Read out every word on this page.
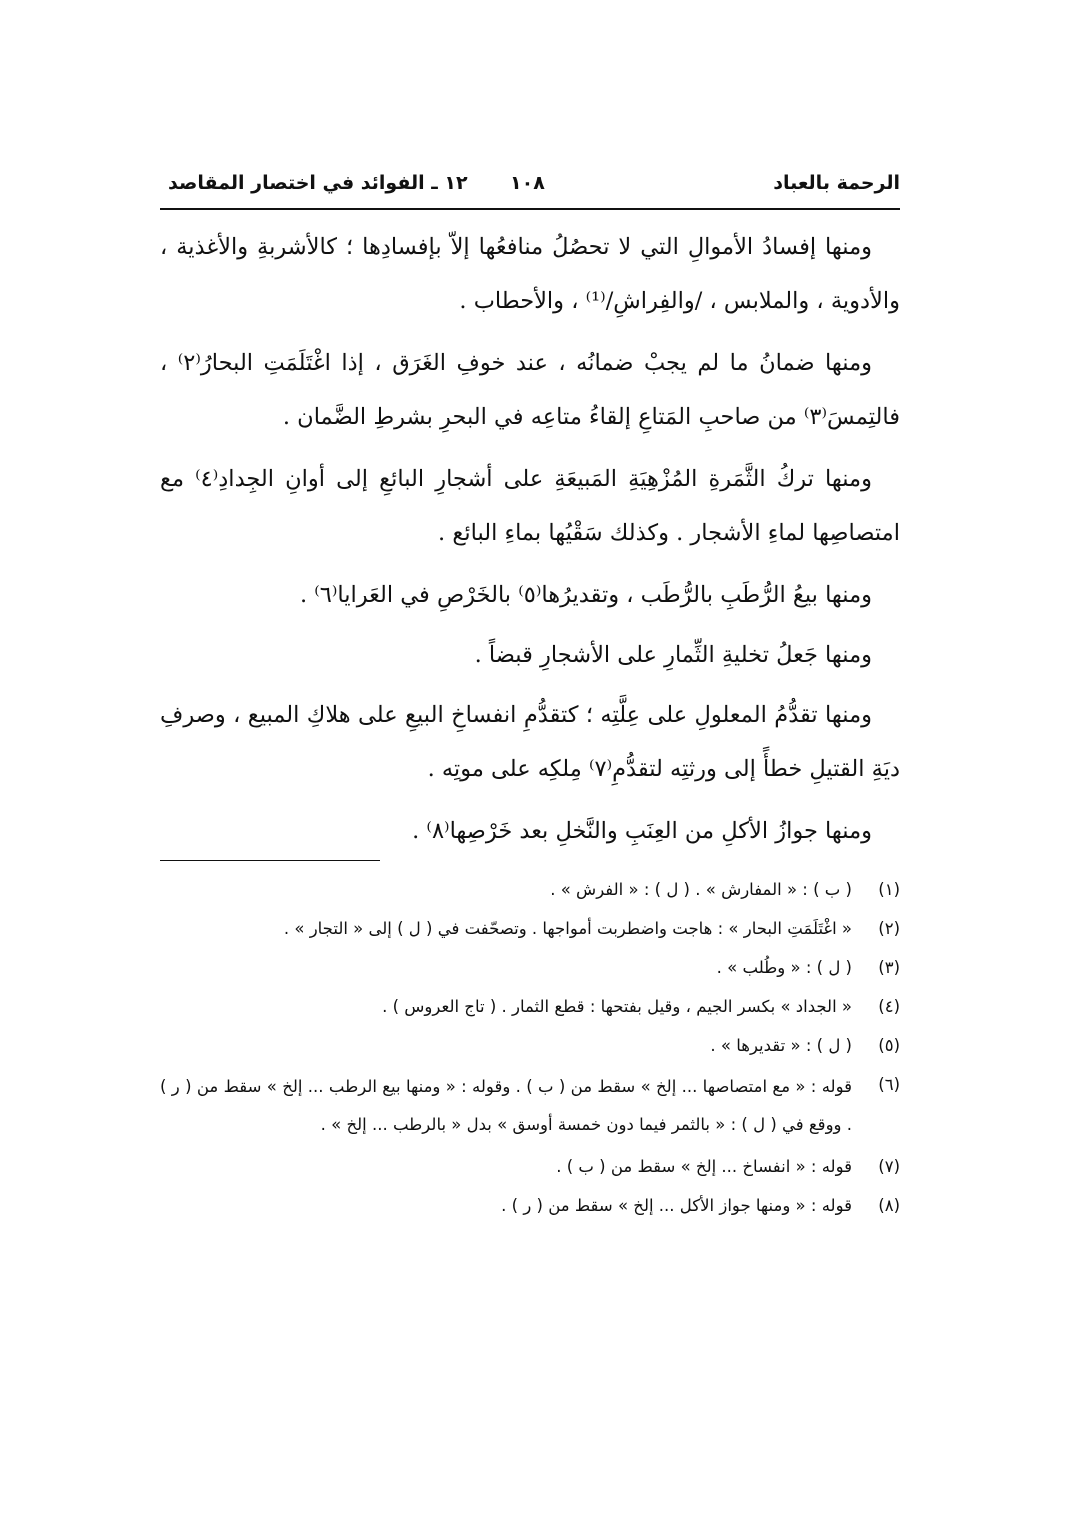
الرحمة بالعباد
١٠٨
١٢ ـ الفوائد في اختصار المقاصد

ومنها إفسادُ الأموالِ التي لا تحصُلُ منافعُها إلاّ بإفسادِها ؛ كالأشربةِ والأغذية ، والأدوية ، والملابس ، /والفِراشِ/⁽¹⁾ ، والأحطاب .

ومنها ضمانُ ما لم يجبْ ضمانُه ، عند خوفِ الغَرَق ، إذا اغْتَلَمَتِ البحارُ⁽٢⁾ ، فالتِمسَ⁽٣⁾ من صاحبِ المَتاعِ إلقاءُ متاعِه في البحرِ بشرطِ الضَّمان .

ومنها تركُ الثَّمَرةِ المُزْهِيَةِ المَبيعَةِ على أشجارِ البائعِ إلى أوانِ الجِدادِ⁽٤⁾ مع امتصاصِها لماءِ الأشجار . وكذلك سَقْيُها بماءِ البائع .

ومنها بيعُ الرُّطَبِ بالرُّطَب ، وتقديرُها⁽٥⁾ بالخَرْصِ في العَرايا⁽٦⁾ .

ومنها جَعلُ تخليةِ الثِّمارِ على الأشجارِ قبضاً .

ومنها تقدُّمُ المعلولِ على عِلَّتِه ؛ كتقدُّمِ انفساخِ البيعِ على هلاكِ المبيع ، وصرفِ ديَةِ القتيلِ خطأً إلى ورثتِه لتقدُّمِ⁽٧⁾ مِلكِه على موتِه .

ومنها جوازُ الأكلِ من العِنَبِ والنَّخلِ بعد خَرْصِها⁽٨⁾ .

(١)
( ب ) : « المفارش » . ( ل ) : « الفرش » .
(٢)
« اغْتَلَمَتِ البحار » : هاجت واضطربت أمواجها . وتصحّفت في ( ل ) إلى « التجار » .
(٣)
( ل ) : « وطُلب » .
(٤)
« الجداد » بكسر الجيم ، وقيل بفتحها : قطع الثمار . ( تاج العروس ) .
(٥)
( ل ) : « تقديرها » .
(٦)
قوله : « مع امتصاصها ... إلخ » سقط من ( ب ) . وقوله : « ومنها بيع الرطب ... إلخ » سقط من ( ر ) . ووقع في ( ل ) : « بالثمر فيما دون خمسة أوسق » بدل « بالرطب ... إلخ » .
(٧)
قوله : « انفساخ ... إلخ » سقط من ( ب ) .
(٨)
قوله : « ومنها جواز الأكل ... إلخ » سقط من ( ر ) .
